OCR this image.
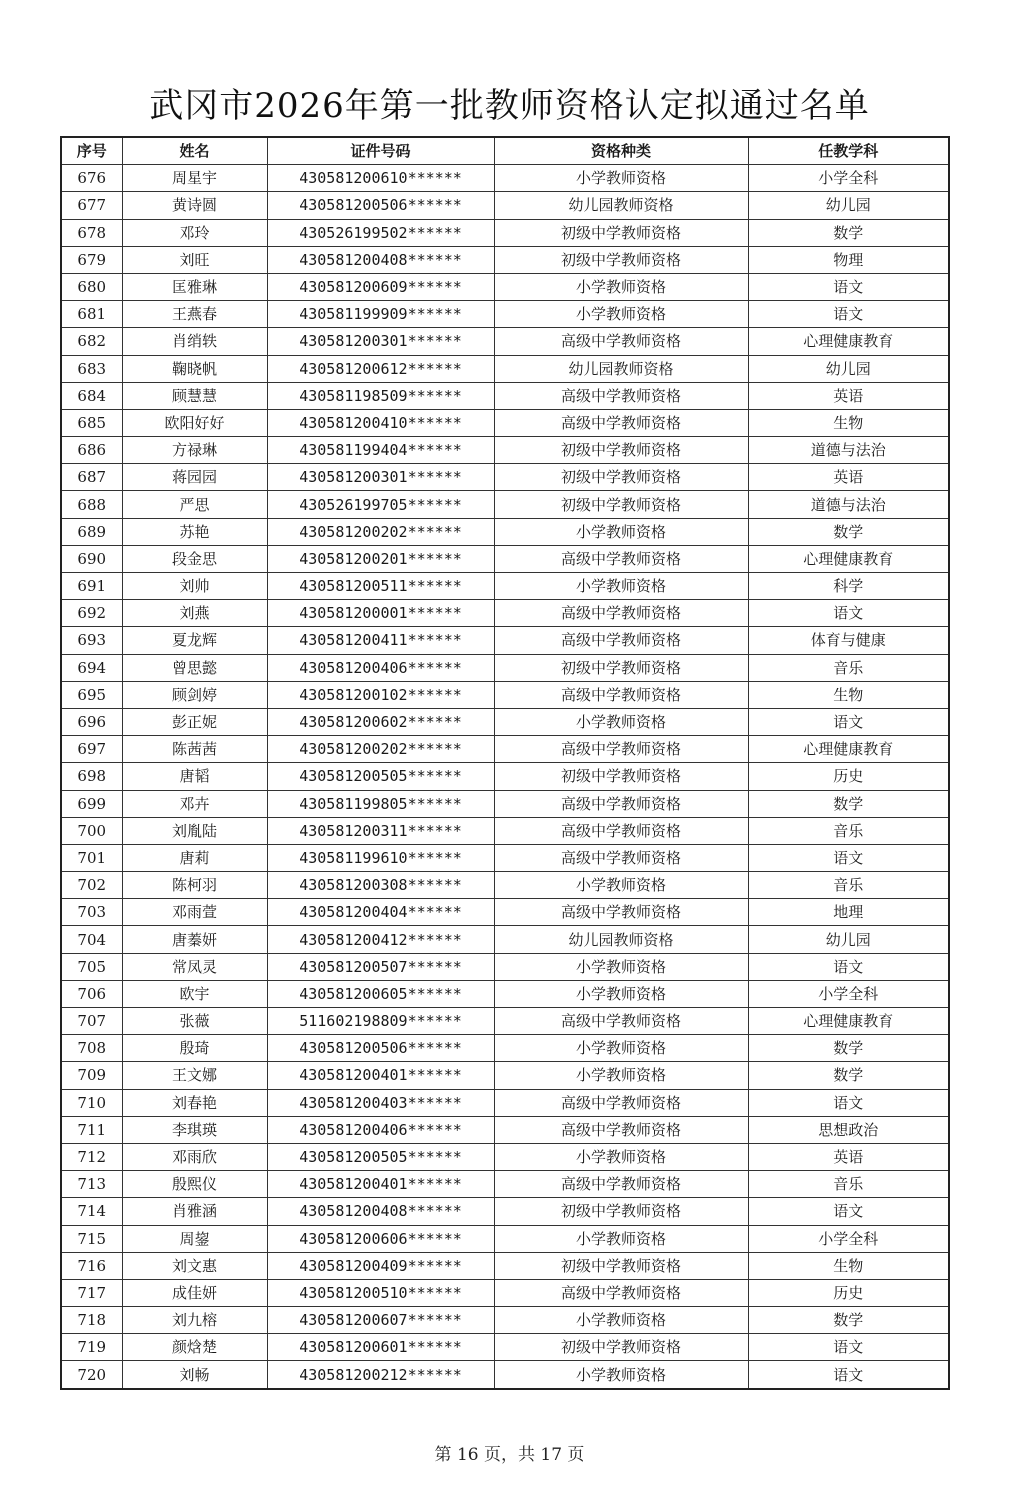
武冈市2026年第一批教师资格认定拟通过名单
序号	姓名	证件号码	资格种类	任教学科
676	周星宇	430581200610******	小学教师资格	小学全科
677	黄诗圆	430581200506******	幼儿园教师资格	幼儿园
678	邓玲	430526199502******	初级中学教师资格	数学
679	刘旺	430581200408******	初级中学教师资格	物理
680	匡雅琳	430581200609******	小学教师资格	语文
681	王燕春	430581199909******	小学教师资格	语文
682	肖绡轶	430581200301******	高级中学教师资格	心理健康教育
683	鞠晓帆	430581200612******	幼儿园教师资格	幼儿园
684	顾慧慧	430581198509******	高级中学教师资格	英语
685	欧阳好好	430581200410******	高级中学教师资格	生物
686	方禄琳	430581199404******	初级中学教师资格	道德与法治
687	蒋园园	430581200301******	初级中学教师资格	英语
688	严思	430526199705******	初级中学教师资格	道德与法治
689	苏艳	430581200202******	小学教师资格	数学
690	段金思	430581200201******	高级中学教师资格	心理健康教育
691	刘帅	430581200511******	小学教师资格	科学
692	刘燕	430581200001******	高级中学教师资格	语文
693	夏龙辉	430581200411******	高级中学教师资格	体育与健康
694	曾思懿	430581200406******	初级中学教师资格	音乐
695	顾剑婷	430581200102******	高级中学教师资格	生物
696	彭正妮	430581200602******	小学教师资格	语文
697	陈茜茜	430581200202******	高级中学教师资格	心理健康教育
698	唐韬	430581200505******	初级中学教师资格	历史
699	邓卉	430581199805******	高级中学教师资格	数学
700	刘胤陆	430581200311******	高级中学教师资格	音乐
701	唐莉	430581199610******	高级中学教师资格	语文
702	陈柯羽	430581200308******	小学教师资格	音乐
703	邓雨萱	430581200404******	高级中学教师资格	地理
704	唐蓁妍	430581200412******	幼儿园教师资格	幼儿园
705	常凤灵	430581200507******	小学教师资格	语文
706	欧宇	430581200605******	小学教师资格	小学全科
707	张薇	511602198809******	高级中学教师资格	心理健康教育
708	殷琦	430581200506******	小学教师资格	数学
709	王文娜	430581200401******	小学教师资格	数学
710	刘春艳	430581200403******	高级中学教师资格	语文
711	李琪瑛	430581200406******	高级中学教师资格	思想政治
712	邓雨欣	430581200505******	小学教师资格	英语
713	殷熙仪	430581200401******	高级中学教师资格	音乐
714	肖雅涵	430581200408******	初级中学教师资格	语文
715	周鋆	430581200606******	小学教师资格	小学全科
716	刘文惠	430581200409******	初级中学教师资格	生物
717	成佳妍	430581200510******	高级中学教师资格	历史
718	刘九榕	430581200607******	小学教师资格	数学
719	颜焓楚	430581200601******	初级中学教师资格	语文
720	刘畅	430581200212******	小学教师资格	语文
第 16 页，共 17 页
